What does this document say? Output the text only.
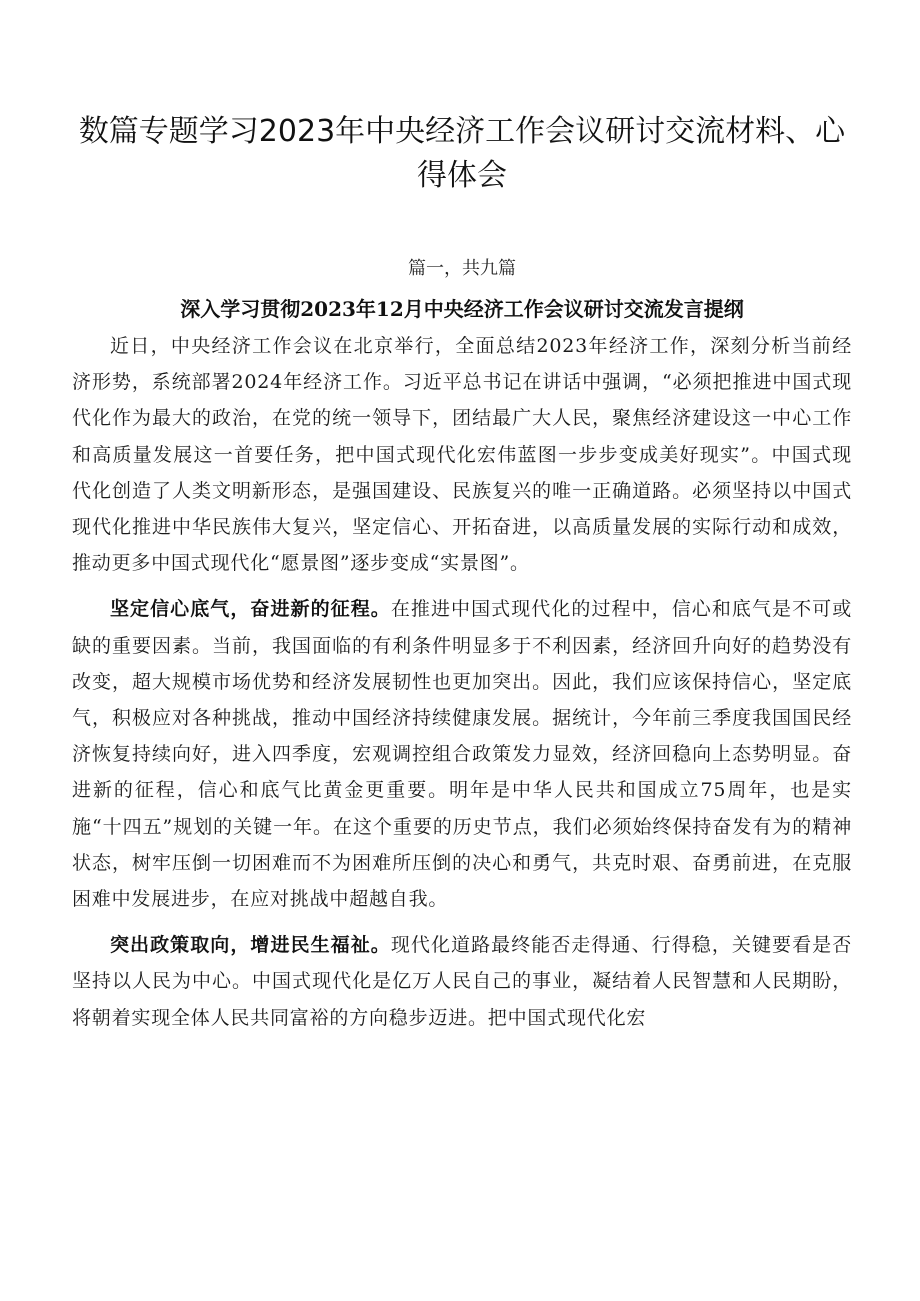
数篇专题学习2023年中央经济工作会议研讨交流材料、心得体会
篇一，共九篇
深入学习贯彻2023年12月中央经济工作会议研讨交流发言提纲

近日，中央经济工作会议在北京举行，全面总结2023年经济工作，深刻分析当前经济形势，系统部署2024年经济工作。习近平总书记在讲话中强调，“必须把推进中国式现代化作为最大的政治，在党的统一领导下，团结最广大人民，聚焦经济建设这一中心工作和高质量发展这一首要任务，把中国式现代化宏伟蓝图一步步变成美好现实”。中国式现代化创造了人类文明新形态，是强国建设、民族复兴的唯一正确道路。必须坚持以中国式现代化推进中华民族伟大复兴，坚定信心、开拓奋进，以高质量发展的实际行动和成效，推动更多中国式现代化“愿景图”逐步变成“实景图”。

坚定信心底气，奋进新的征程。在推进中国式现代化的过程中，信心和底气是不可或缺的重要因素。当前，我国面临的有利条件明显多于不利因素，经济回升向好的趋势没有改变，超大规模市场优势和经济发展韧性也更加突出。因此，我们应该保持信心，坚定底气，积极应对各种挑战，推动中国经济持续健康发展。据统计，今年前三季度我国国民经济恢复持续向好，进入四季度，宏观调控组合政策发力显效，经济回稳向上态势明显。奋进新的征程，信心和底气比黄金更重要。明年是中华人民共和国成立75周年，也是实施“十四五”规划的关键一年。在这个重要的历史节点，我们必须始终保持奋发有为的精神状态，树牢压倒一切困难而不为困难所压倒的决心和勇气，共克时艰、奋勇前进，在克服困难中发展进步，在应对挑战中超越自我。

突出政策取向，增进民生福祉。现代化道路最终能否走得通、行得稳，关键要看是否坚持以人民为中心。中国式现代化是亿万人民自己的事业，凝结着人民智慧和人民期盼，将朝着实现全体人民共同富裕的方向稳步迈进。把中国式现代化宏
